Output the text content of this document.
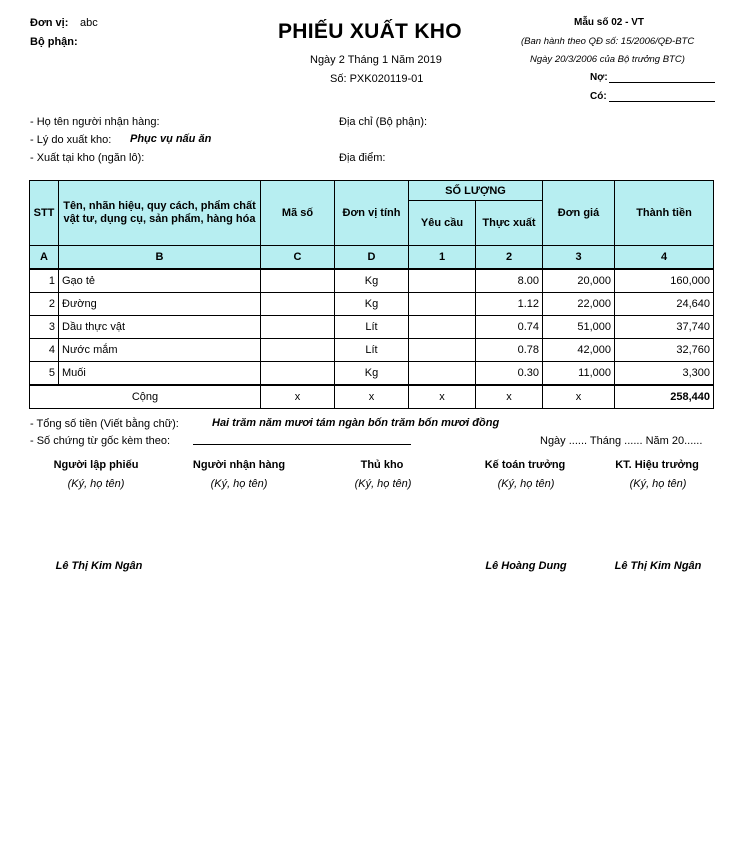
Đơn vị: abc
Bộ phận:	PHIẾU XUẤT KHO
Ngày 2 Tháng 1 Năm 2019
Số: PXK020119-01
Mẫu số 02 - VT
(Ban hành theo QĐ số: 15/2006/QĐ-BTC
Ngày 20/3/2006 của Bộ trưởng BTC)
Nợ:
Có:
- Họ tên người nhận hàng:	Địa chỉ (Bộ phận):
- Lý do xuất kho: Phục vụ nấu ăn
- Xuất tại kho (ngăn lô):	Địa điểm:
STT	Tên, nhãn hiệu, quy cách, phẩm chất vật tư, dụng cụ, sản phẩm, hàng hóa	Mã số	Đơn vị tính	SỐ LƯỢNG		Đơn giá	Thành tiền
				Yêu cầu	Thực xuất		
A	B	C	D	1	2	3	4
1	Gạo tẻ		Kg		8.00	20,000	160,000
2	Đường		Kg		1.12	22,000	24,640
3	Dầu thực vật		Lít		0.74	51,000	37,740
4	Nước mắm		Lít		0.78	42,000	32,760
5	Muối		Kg		0.30	11,000	3,300
Cộng		x	x	x	x	x	258,440
- Tổng số tiền (Viết bằng chữ):	Hai trăm năm mươi tám ngàn bốn trăm bốn mươi đồng
- Số chứng từ gốc kèm theo:	Ngày ...... Tháng ...... Năm 20......
Người lập phiếu
(Ký, họ tên)
Lê Thị Kim Ngân
Người nhận hàng
(Ký, họ tên)
Thủ kho
(Ký, họ tên)
Kế toán trưởng
(Ký, họ tên)
Lê Hoàng Dung
KT. Hiệu trưởng
(Ký, họ tên)
Lê Thị Kim Ngân
